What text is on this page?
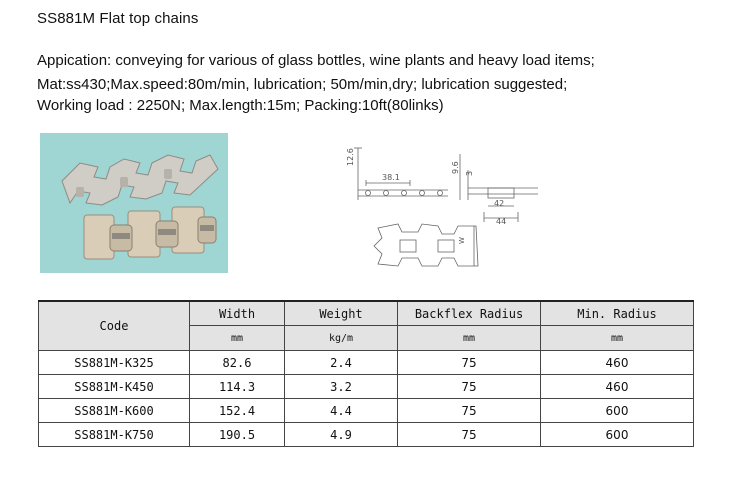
SS881M Flat top chains
Appication: conveying for various of glass bottles, wine plants and heavy load items;
Mat:ss430;Max.speed:80m/min, lubrication; 50m/min,dry; lubrication suggested;
Working load : 2250N; Max.length:15m; Packing:10ft(80links)
12.6
38.1
9.6 3
42
44
W
Code	Width	Weight	Backflex Radius	Min. Radius
	mm	kg/m	mm	mm
SS881M-K325	82.6	2.4	75	460
SS881M-K450	114.3	3.2	75	460
SS881M-K600	152.4	4.4	75	600
SS881M-K750	190.5	4.9	75	600
